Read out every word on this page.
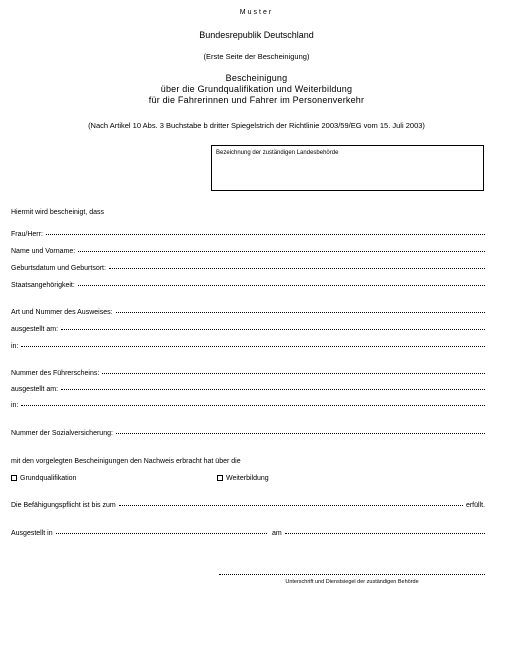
Muster
Bundesrepublik Deutschland
(Erste Seite der Bescheinigung)
Bescheinigung
über die Grundqualifikation und Weiterbildung
für die Fahrerinnen und Fahrer im Personenverkehr
(Nach Artikel 10 Abs. 3 Buchstabe b dritter Spiegelstrich der Richtlinie 2003/59/EG vom 15. Juli 2003)
Bezeichnung der zuständigen Landesbehörde
Hiermit wird bescheinigt, dass
Frau/Herr:
Name und Vorname:
Geburtsdatum und Geburtsort:
Staatsangehörigkeit:
Art und Nummer des Ausweises:
ausgestellt am:
in:
Nummer des Führerscheins:
ausgestellt am:
in:
Nummer der Sozialversicherung:
mit den vorgelegten Bescheinigungen den Nachweis erbracht hat über die
Grundqualifikation	Weiterbildung
Die Befähigungspflicht ist bis zum	erfüllt.
Ausgestellt in	am
Unterschrift und Dienstsiegel der zuständigen Behörde
